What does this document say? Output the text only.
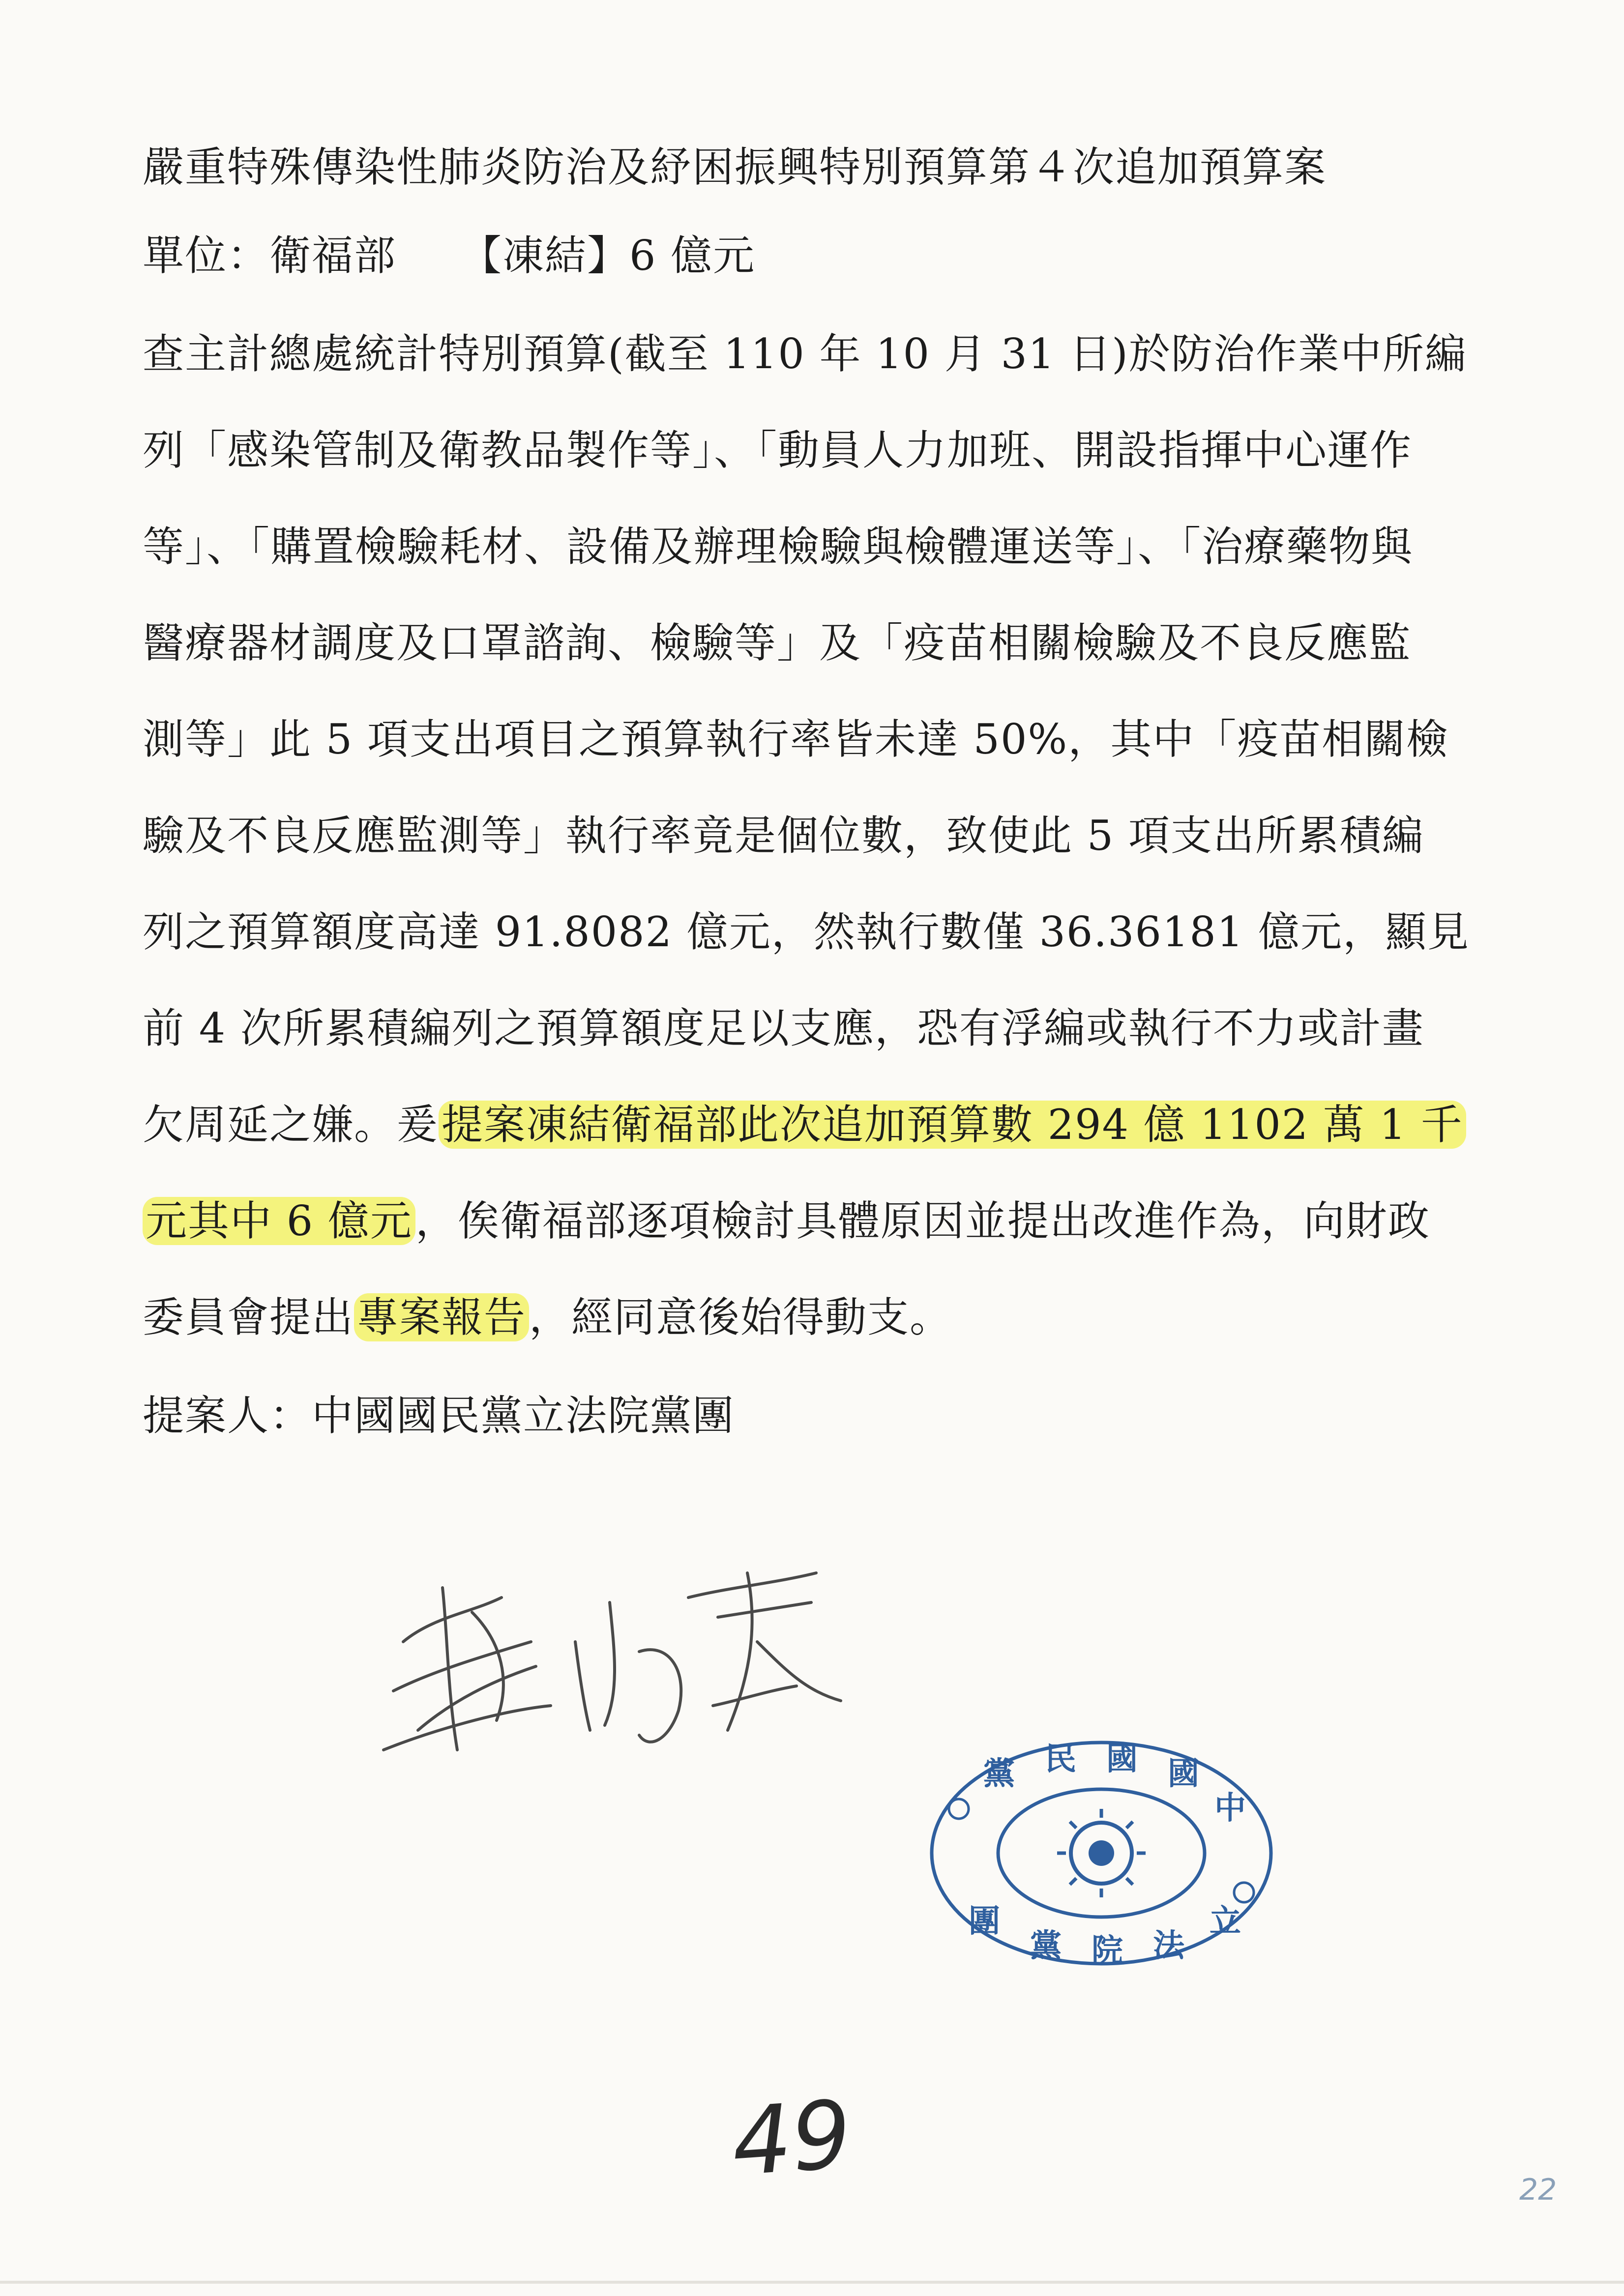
嚴重特殊傳染性肺炎防治及紓困振興特別預算第４次追加預算案
單位：衛福部　　【凍結】6 億元
查主計總處統計特別預算(截至 110 年 10 月 31 日)於防治作業中所編
列「感染管制及衛教品製作等」、「動員人力加班、開設指揮中心運作
等」、「購置檢驗耗材、設備及辦理檢驗與檢體運送等」、「治療藥物與
醫療器材調度及口罩諮詢、檢驗等」及「疫苗相關檢驗及不良反應監
測等」此 5 項支出項目之預算執行率皆未達 50%，其中「疫苗相關檢
驗及不良反應監測等」執行率竟是個位數，致使此 5 項支出所累積編
列之預算額度高達 91.8082 億元，然執行數僅 36.36181 億元，顯見
前 4 次所累積編列之預算額度足以支應，恐有浮編或執行不力或計畫
欠周延之嫌。爰提案凍結衛福部此次追加預算數 294 億 1102 萬 1 千
元其中 6 億元，俟衛福部逐項檢討具體原因並提出改進作為，向財政
委員會提出專案報告，經同意後始得動支。
提案人：中國國民黨立法院黨團
黨 民 國 國
中
團
黨 院 法
立
49	22
